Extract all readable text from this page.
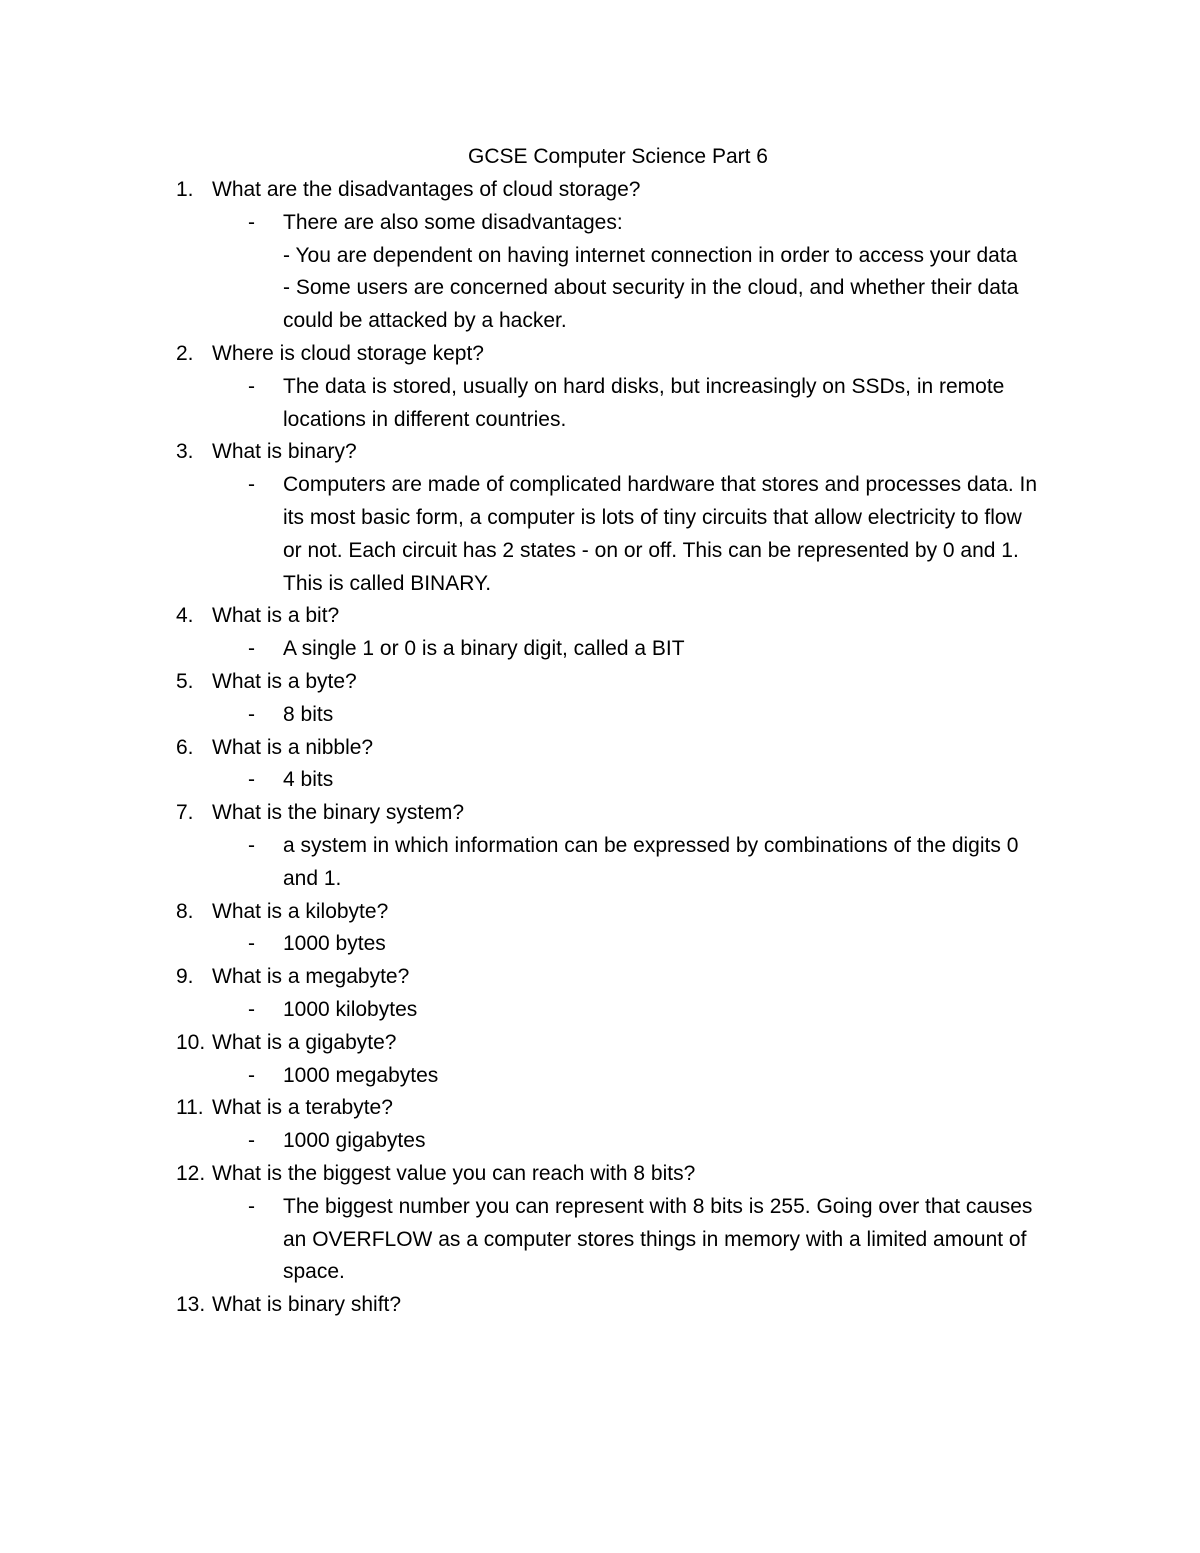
GCSE Computer Science Part 6
1. What are the disadvantages of cloud storage?
- There are also some disadvantages:
- You are dependent on having internet connection in order to access your data
- Some users are concerned about security in the cloud, and whether their data
could be attacked by a hacker.
2. Where is cloud storage kept?
- The data is stored, usually on hard disks, but increasingly on SSDs, in remote
locations in different countries.
3. What is binary?
- Computers are made of complicated hardware that stores and processes data. In
its most basic form, a computer is lots of tiny circuits that allow electricity to flow
or not. Each circuit has 2 states - on or off. This can be represented by 0 and 1.
This is called BINARY.
4. What is a bit?
- A single 1 or 0 is a binary digit, called a BIT
5. What is a byte?
- 8 bits
6. What is a nibble?
- 4 bits
7. What is the binary system?
- a system in which information can be expressed by combinations of the digits 0
and 1.
8. What is a kilobyte?
- 1000 bytes
9. What is a megabyte?
- 1000 kilobytes
10. What is a gigabyte?
- 1000 megabytes
11. What is a terabyte?
- 1000 gigabytes
12. What is the biggest value you can reach with 8 bits?
- The biggest number you can represent with 8 bits is 255. Going over that causes
an OVERFLOW as a computer stores things in memory with a limited amount of
space.
13. What is binary shift?
